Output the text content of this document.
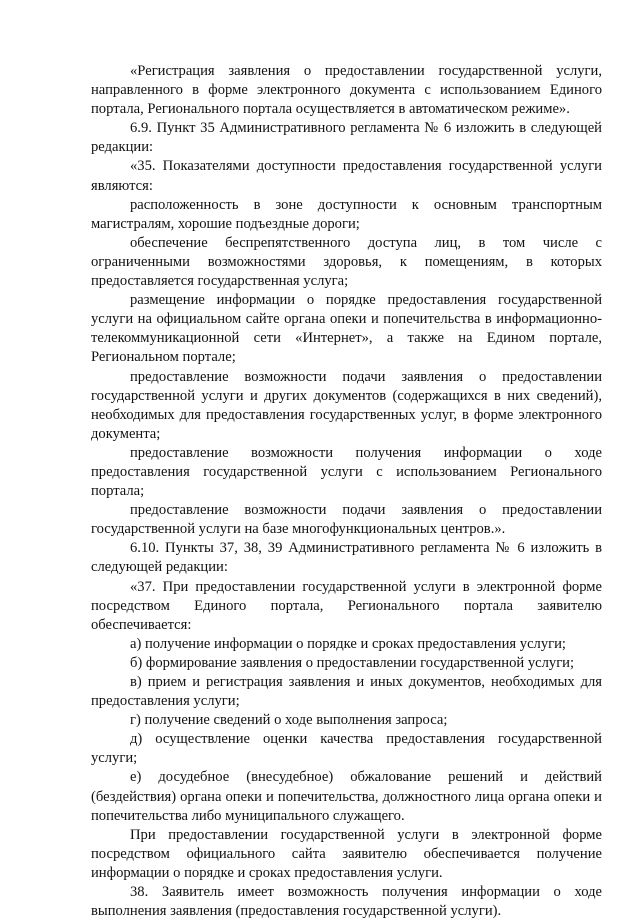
«Регистрация заявления о предоставлении государственной услуги, направленного в форме электронного документа с использованием Единого портала, Регионального портала осуществляется в автоматическом режиме».

6.9. Пункт 35 Административного регламента № 6 изложить в следующей редакции:

«35. Показателями доступности предоставления государственной услуги являются:

расположенность в зоне доступности к основным транспортным магистралям, хорошие подъездные дороги;

обеспечение беспрепятственного доступа лиц, в том числе с ограниченными возможностями здоровья, к помещениям, в которых предоставляется государственная услуга;

размещение информации о порядке предоставления государственной услуги на официальном сайте органа опеки и попечительства в информационно-телекоммуникационной сети «Интернет», а также на Едином портале, Региональном портале;

предоставление возможности подачи заявления о предоставлении государственной услуги и других документов (содержащихся в них сведений), необходимых для предоставления государственных услуг, в форме электронного документа;

предоставление возможности получения информации о ходе предоставления государственной услуги с использованием Регионального портала;

предоставление возможности подачи заявления о предоставлении государственной услуги на базе многофункциональных центров.».

6.10. Пункты 37, 38, 39 Административного регламента № 6 изложить в следующей редакции:

«37. При предоставлении государственной услуги в электронной форме посредством Единого портала, Регионального портала заявителю обеспечивается:

а) получение информации о порядке и сроках предоставления услуги;

б) формирование заявления о предоставлении государственной услуги;

в) прием и регистрация заявления и иных документов, необходимых для предоставления услуги;

г) получение сведений о ходе выполнения запроса;

д) осуществление оценки качества предоставления государственной услуги;

е) досудебное (внесудебное) обжалование решений и действий (бездействия) органа опеки и попечительства, должностного лица органа опеки и попечительства либо муниципального служащего.

При предоставлении государственной услуги в электронной форме посредством официального сайта заявителю обеспечивается получение информации о порядке и сроках предоставления услуги.

38. Заявитель имеет возможность получения информации о ходе выполнения заявления (предоставления государственной услуги).
